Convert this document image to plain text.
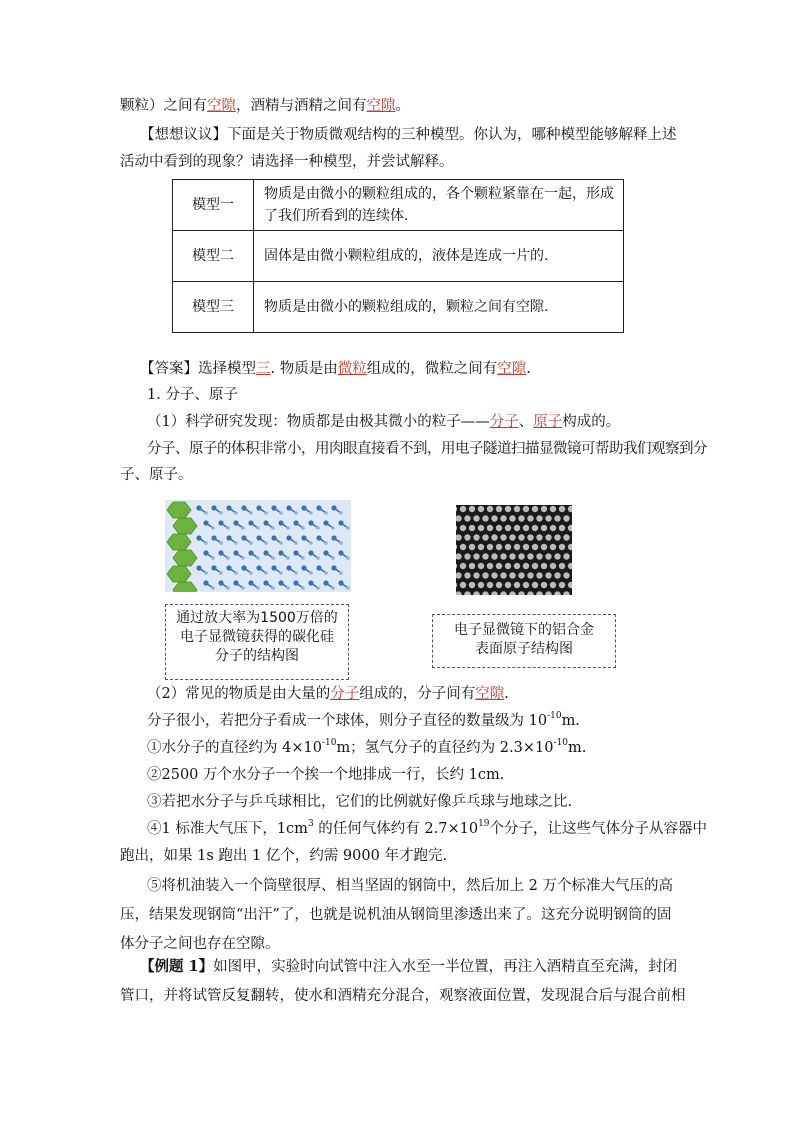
颗粒）之间有空隙，酒精与酒精之间有空隙。
【想想议议】下面是关于物质微观结构的三种模型。你认为，哪种模型能够解释上述
活动中看到的现象？请选择一种模型，并尝试解释。
模型一	物质是由微小的颗粒组成的，各个颗粒紧靠在一起，形成了我们所看到的连续体.
模型二	固体是由微小颗粒组成的，液体是连成一片的.
模型三	物质是由微小的颗粒组成的，颗粒之间有空隙.
【答案】选择模型三. 物质是由微粒组成的，微粒之间有空隙.
1. 分子、原子
（1）科学研究发现：物质都是由极其微小的粒子——分子、原子构成的。
分子、原子的体积非常小，用肉眼直接看不到，用电子隧道扫描显微镜可帮助我们观察到分
子、原子。
通过放大率为1500万倍的
电子显微镜获得的碳化硅
分子的结构图
电子显微镜下的铝合金
表面原子结构图
（2）常见的物质是由大量的分子组成的，分子间有空隙.
分子很小，若把分子看成一个球体，则分子直径的数量级为 $10^{-10}m$.
①水分子的直径约为 $4\times 10^{-10}m$；氢气分子的直径约为 $2.3\times 10^{-10}m$.
②2500 万个水分子一个挨一个地排成一行，长约 1cm.
③若把水分子与乒乓球相比，它们的比例就好像乒乓球与地球之比.
④1 标准大气压下，$1cm^3$ 的任何气体约有 $2.7\times 10^{19}$个分子，让这些气体分子从容器中
跑出，如果 1s 跑出 1 亿个，约需 9000 年才跑完.
⑤将机油装入一个筒壁很厚、相当坚固的钢筒中，然后加上 2 万个标准大气压的高
压，结果发现钢筒“出汗”了，也就是说机油从钢筒里渗透出来了。这充分说明钢筒的固
体分子之间也存在空隙。
【例题 1】如图甲，实验时向试管中注入水至一半位置，再注入酒精直至充满，封闭
管口，并将试管反复翻转，使水和酒精充分混合，观察液面位置，发现混合后与混合前相
